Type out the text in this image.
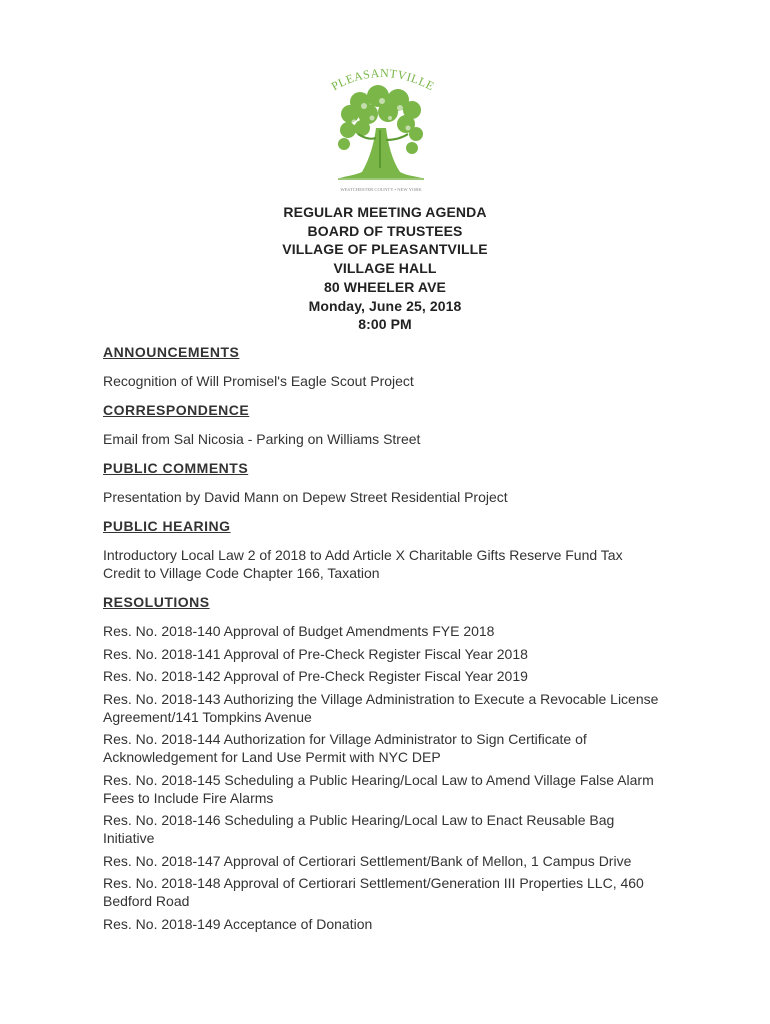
PLEASANTVILLE
WESTCHESTER COUNTY • NEW YORK
REGULAR MEETING AGENDA
BOARD OF TRUSTEES
VILLAGE OF PLEASANTVILLE
VILLAGE HALL
80 WHEELER AVE
Monday, June 25, 2018
8:00 PM
ANNOUNCEMENTS
Recognition of Will Promisel's Eagle Scout Project
CORRESPONDENCE
Email from Sal Nicosia - Parking on Williams Street
PUBLIC COMMENTS
Presentation by David Mann on Depew Street Residential Project
PUBLIC HEARING
Introductory Local Law 2 of 2018 to Add Article X Charitable Gifts Reserve Fund Tax Credit to Village Code Chapter 166, Taxation
RESOLUTIONS
Res. No. 2018-140 Approval of Budget Amendments FYE 2018
Res. No. 2018-141 Approval of Pre-Check Register Fiscal Year 2018
Res. No. 2018-142 Approval of Pre-Check Register Fiscal Year 2019
Res. No. 2018-143 Authorizing the Village Administration to Execute a Revocable License Agreement/141 Tompkins Avenue
Res. No. 2018-144 Authorization for Village Administrator to Sign Certificate of Acknowledgement for Land Use Permit with NYC DEP
Res. No. 2018-145 Scheduling a Public Hearing/Local Law to Amend Village False Alarm Fees to Include Fire Alarms
Res. No. 2018-146 Scheduling a Public Hearing/Local Law to Enact Reusable Bag Initiative
Res. No. 2018-147 Approval of Certiorari Settlement/Bank of Mellon, 1 Campus Drive
Res. No. 2018-148 Approval of Certiorari Settlement/Generation III Properties LLC, 460 Bedford Road
Res. No. 2018-149 Acceptance of Donation
